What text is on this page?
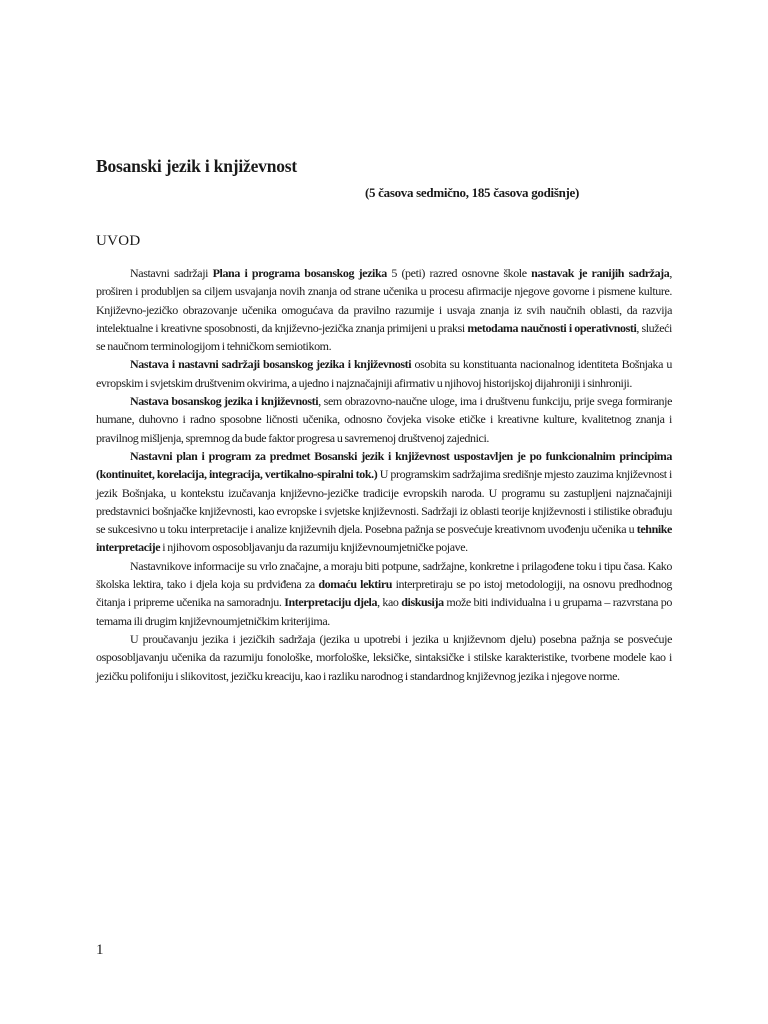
Bosanski jezik i književnost
(5 časova sedmično, 185 časova godišnje)
UVOD

Nastavni sadržaji Plana i programa bosanskog jezika 5 (peti) razred osnovne škole nastavak je ranijih sadržaja, proširen i produbljen sa ciljem usvajanja novih znanja od strane učenika u procesu afirmacije njegove govorne i pismene kulture. Književno-jezičko obrazovanje učenika omogućava da pravilno razumije i usvaja znanja iz svih naučnih oblasti, da razvija intelektualne i kreativne sposobnosti, da književno-jezička znanja primijeni u praksi metodama naučnosti i operativnosti, služeći se naučnom terminologijom i tehničkom semiotikom.

Nastava i nastavni sadržaji bosanskog jezika i književnosti osobita su konstituanta nacionalnog identiteta Bošnjaka u evropskim i svjetskim društvenim okvirima, a ujedno i najznačajniji afirmativ u njihovoj historijskoj dijahroniji i sinhroniji.

Nastava bosanskog jezika i književnosti, sem obrazovno-naučne uloge, ima i društvenu funkciju, prije svega formiranje humane, duhovno i radno sposobne ličnosti učenika, odnosno čovjeka visoke etičke i kreativne kulture, kvalitetnog znanja i pravilnog mišljenja, spremnog da bude faktor progresa u savremenoj društvenoj zajednici.

Nastavni plan i program za predmet Bosanski jezik i književnost uspostavljen je po funkcionalnim principima (kontinuitet, korelacija, integracija, vertikalno-spiralni tok.) U programskim sadržajima središnje mjesto zauzima književnost i jezik Bošnjaka, u kontekstu izučavanja književno-jezičke tradicije evropskih naroda. U programu su zastupljeni najznačajniji predstavnici bošnjačke književnosti, kao evropske i svjetske književnosti. Sadržaji iz oblasti teorije književnosti i stilistike obrađuju se sukcesivno u toku interpretacije i analize književnih djela. Posebna pažnja se posvećuje kreativnom uvođenju učenika u tehnike interpretacije i njihovom osposobljavanju da razumiju književnoumjetničke pojave.

Nastavnikove informacije su vrlo značajne, a moraju biti potpune, sadržajne, konkretne i prilagođene toku i tipu časa. Kako školska lektira, tako i djela koja su prdviđena za domaću lektiru interpretiraju se po istoj metodologiji, na osnovu predhodnog čitanja i pripreme učenika na samoradnju. Interpretaciju djela, kao diskusija može biti individualna i u grupama – razvrstana po temama ili drugim književnoumjetničkim kriterijima.

U proučavanju jezika i jezičkih sadržaja (jezika u upotrebi i jezika u književnom djelu) posebna pažnja se posvećuje osposobljavanju učenika da razumiju fonološke, morfološke, leksičke, sintaksičke i stilske karakteristike, tvorbene modele kao i jezičku polifoniju i slikovitost, jezičku kreaciju, kao i razliku narodnog i standardnog književnog jezika i njegove norme.

1
